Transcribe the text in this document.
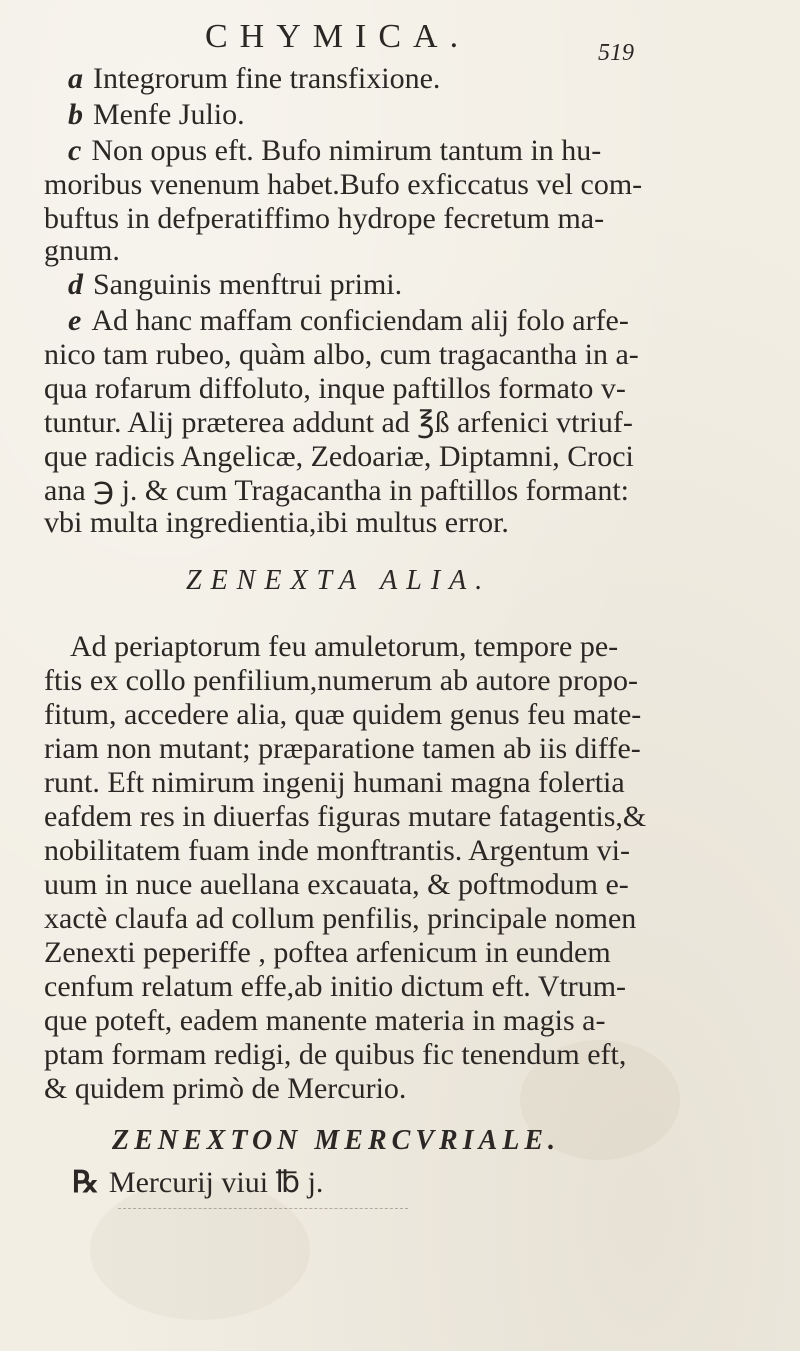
CHYMICA.	519
a Integrorum fine transfixione.
b Menfe Julio.
c Non opus eft. Bufo nimirum tantum in hu-
moribus venenum habet.Bufo exficcatus vel com-
buftus in defperatiffimo hydrope fecretum ma-
gnum.
d Sanguinis menftrui primi.
e Ad hanc maffam conficiendam alij folo arfe-
nico tam rubeo, quàm albo, cum tragacantha in a-
qua rofarum diffoluto, inque paftillos formato v-
tuntur. Alij præterea addunt ad ℥ß arfenici vtriuf-
que radicis Angelicæ, Zedoariæ, Diptamni, Croci
ana ℈ j. & cum Tragacantha in paftillos formant:
vbi multa ingredientia,ibi multus error.
ZENEXTA ALIA.
Ad periaptorum feu amuletorum, tempore pe-
ftis ex collo penfilium,numerum ab autore propo-
fitum, accedere alia, quæ quidem genus feu mate-
riam non mutant; præparatione tamen ab iis diffe-
runt. Eft nimirum ingenij humani magna folertia
eafdem res in diuerfas figuras mutare fatagentis,&
nobilitatem fuam inde monftrantis. Argentum vi-
uum in nuce auellana excauata, & poftmodum e-
xactè claufa ad collum penfilis, principale nomen
Zenexti peperiffe , poftea arfenicum in eundem
cenfum relatum effe,ab initio dictum eft. Vtrum-
que poteft, eadem manente materia in magis a-
ptam formam redigi, de quibus fic tenendum eft,
& quidem primò de Mercurio.
ZENEXTON MERCVRIALE.
℞ Mercurij viui ℔ j.
